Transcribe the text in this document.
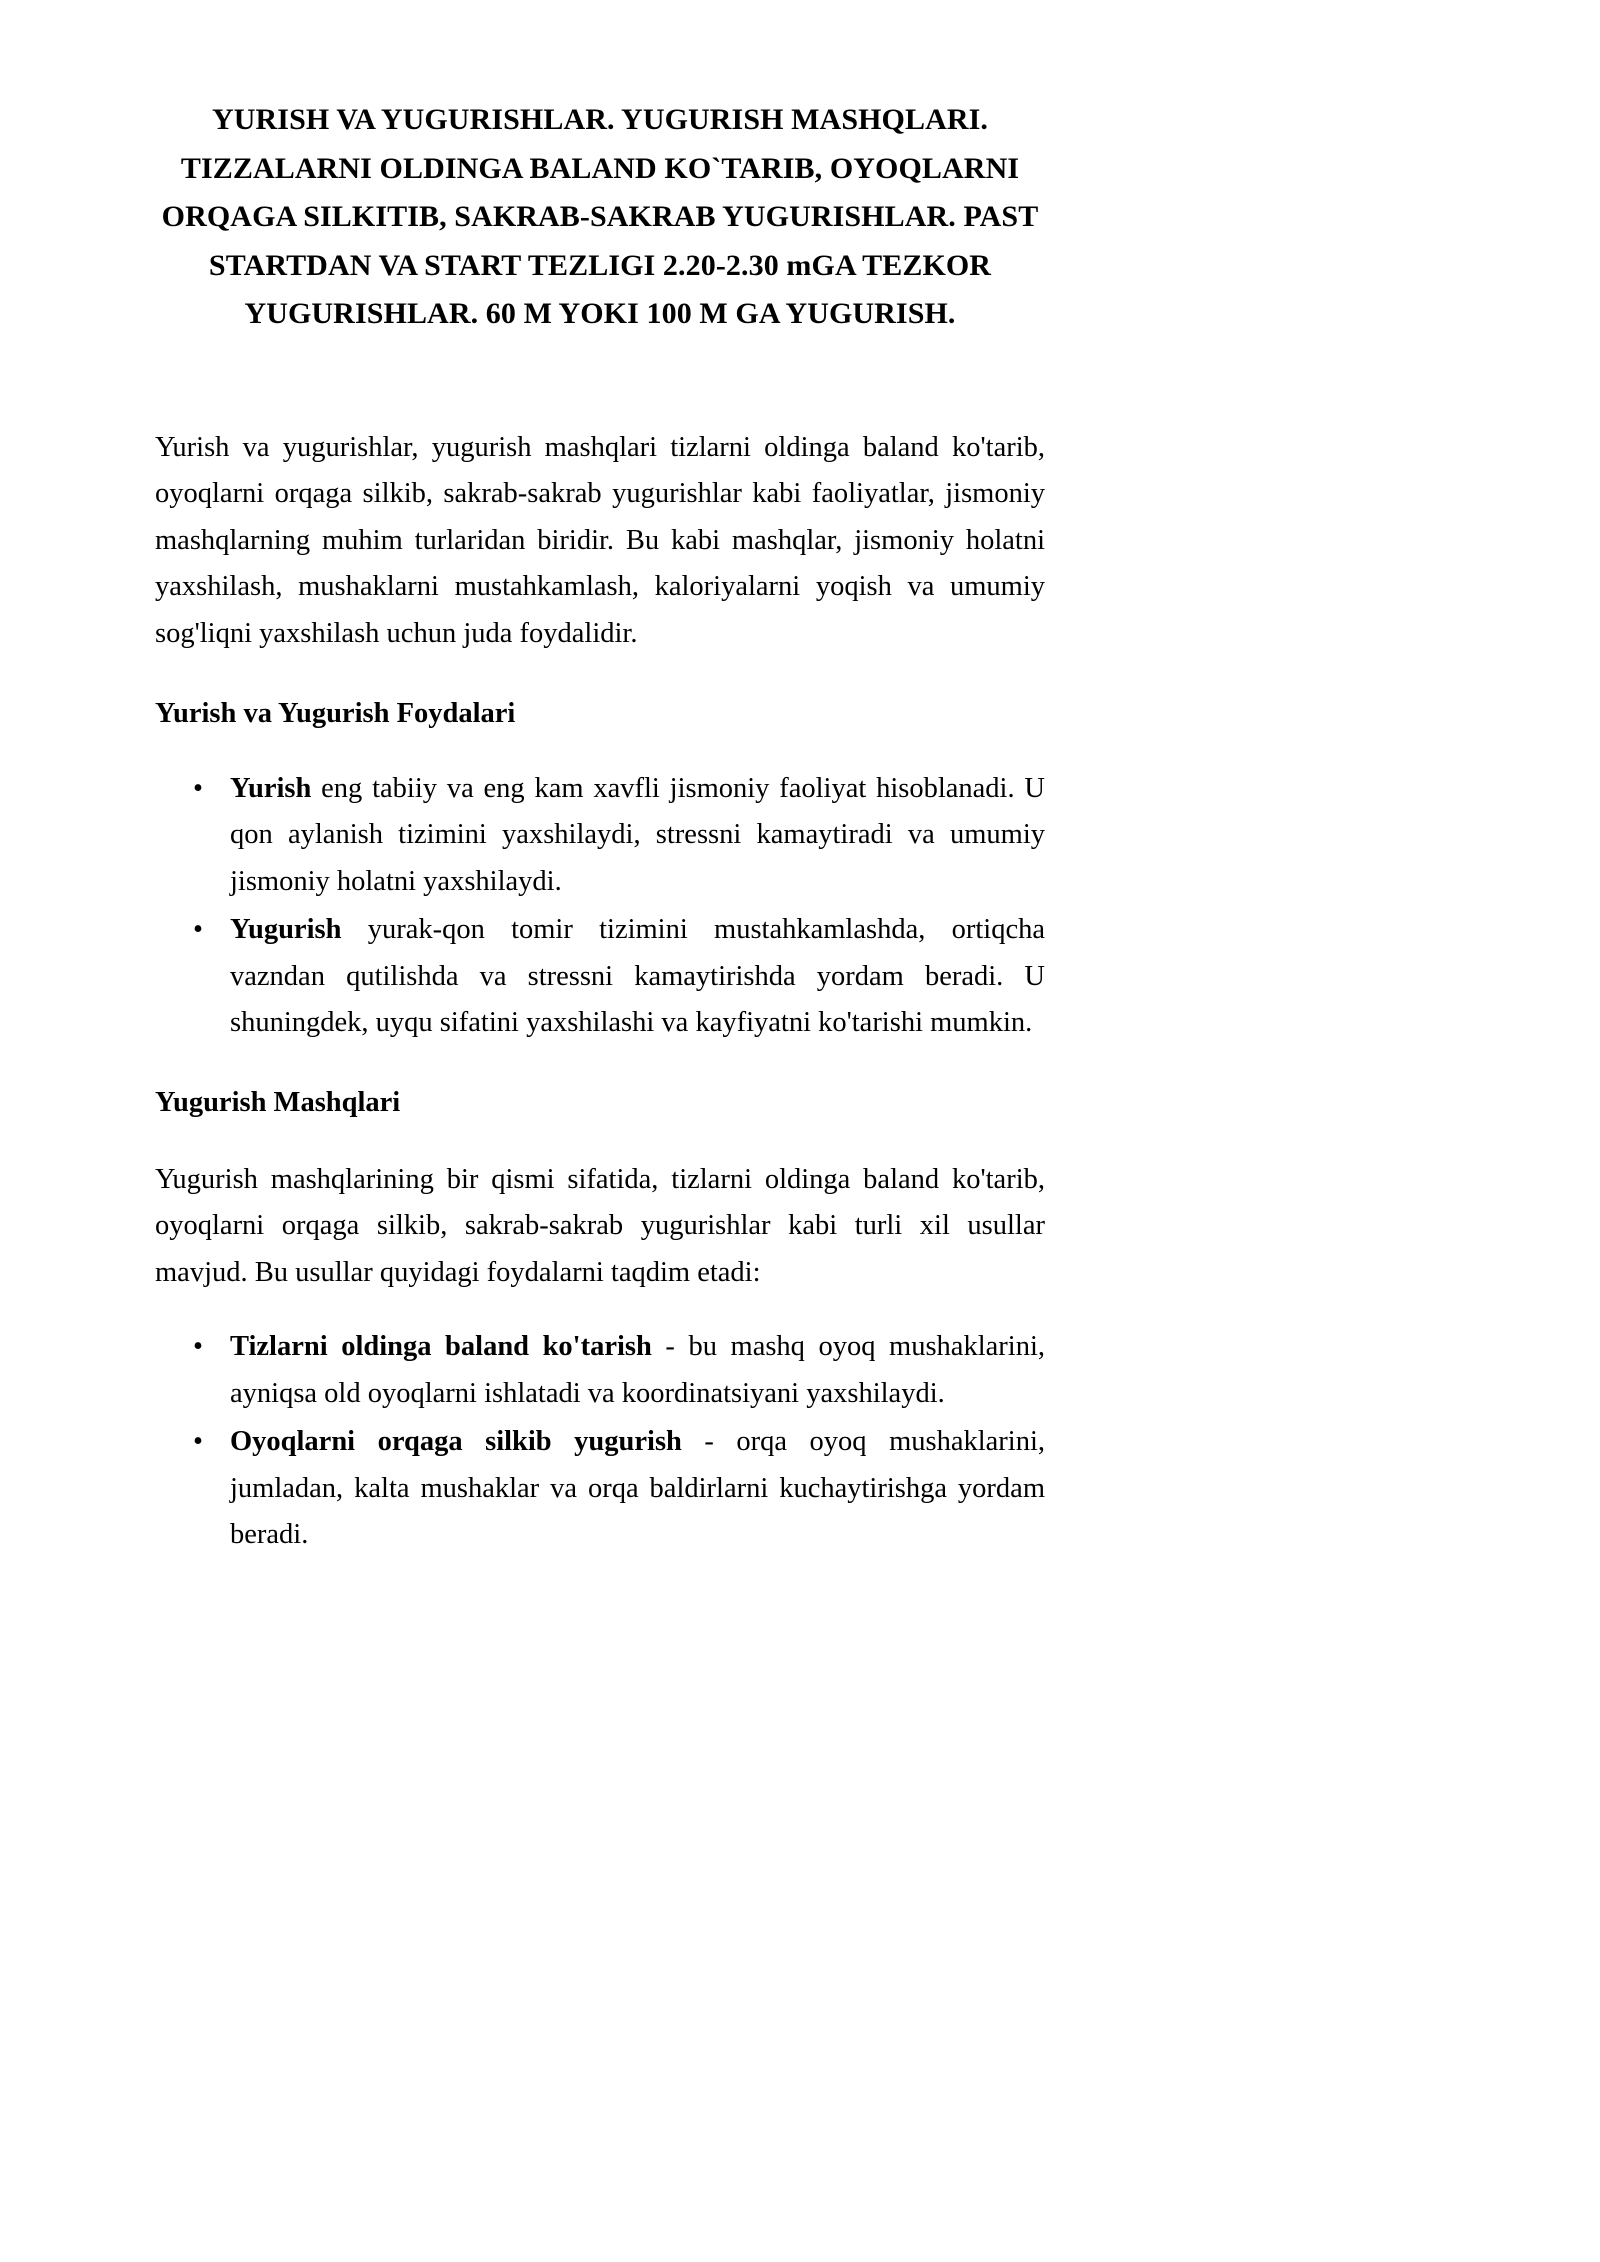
YURISH VA YUGURISHLAR. YUGURISH MASHQLARI. TIZZALARNI OLDINGA BALAND KO`TARIB, OYOQLARNI ORQAGA SILKITIB, SAKRAB-SAKRAB YUGURISHLAR. PAST STARTDAN VA START TEZLIGI 2.20-2.30 mGA TEZKOR YUGURISHLAR. 60 M YOKI 100 M GA YUGURISH.

Yurish va yugurishlar, yugurish mashqlari tizlarni oldinga baland ko'tarib, oyoqlarni orqaga silkib, sakrab-sakrab yugurishlar kabi faoliyatlar, jismoniy mashqlarning muhim turlaridan biridir. Bu kabi mashqlar, jismoniy holatni yaxshilash, mushaklarni mustahkamlash, kaloriyalarni yoqish va umumiy sog'liqni yaxshilash uchun juda foydalidir.

Yurish va Yugurish Foydalari
• Yurish eng tabiiy va eng kam xavfli jismoniy faoliyat hisoblanadi. U qon aylanish tizimini yaxshilaydi, stressni kamaytiradi va umumiy jismoniy holatni yaxshilaydi.
• Yugurish yurak-qon tomir tizimini mustahkamlashda, ortiqcha vazndan qutilishda va stressni kamaytirishda yordam beradi. U shuningdek, uyqu sifatini yaxshilashi va kayfiyatni ko'tarishi mumkin.
Yugurish Mashqlari

Yugurish mashqlarining bir qismi sifatida, tizlarni oldinga baland ko'tarib, oyoqlarni orqaga silkib, sakrab-sakrab yugurishlar kabi turli xil usullar mavjud. Bu usullar quyidagi foydalarni taqdim etadi:

• Tizlarni oldinga baland ko'tarish - bu mashq oyoq mushaklarini, ayniqsa old oyoqlarni ishlatadi va koordinatsiyani yaxshilaydi.
• Oyoqlarni orqaga silkib yugurish - orqa oyoq mushaklarini, jumladan, kalta mushaklar va orqa baldirlarni kuchaytirishga yordam beradi.
